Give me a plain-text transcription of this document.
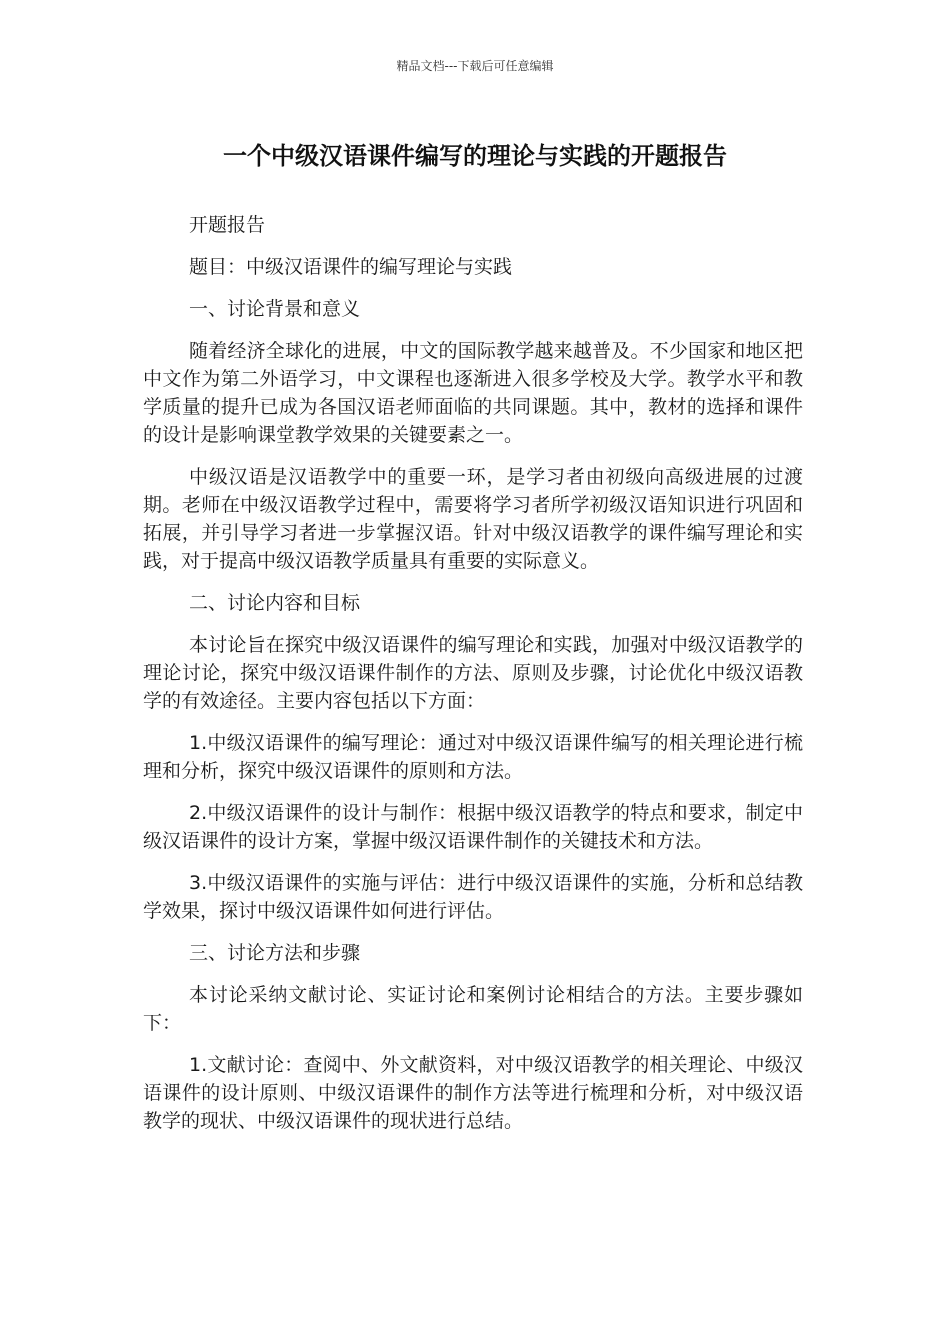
精品文档---下载后可任意编辑
一个中级汉语课件编写的理论与实践的开题报告

开题报告

题目：中级汉语课件的编写理论与实践

一、讨论背景和意义

随着经济全球化的进展，中文的国际教学越来越普及。不少国家和地区把中文作为第二外语学习，中文课程也逐渐进入很多学校及大学。教学水平和教学质量的提升已成为各国汉语老师面临的共同课题。其中，教材的选择和课件的设计是影响课堂教学效果的关键要素之一。

中级汉语是汉语教学中的重要一环，是学习者由初级向高级进展的过渡期。老师在中级汉语教学过程中，需要将学习者所学初级汉语知识进行巩固和拓展，并引导学习者进一步掌握汉语。针对中级汉语教学的课件编写理论和实践，对于提高中级汉语教学质量具有重要的实际意义。

二、讨论内容和目标

本讨论旨在探究中级汉语课件的编写理论和实践，加强对中级汉语教学的理论讨论，探究中级汉语课件制作的方法、原则及步骤，讨论优化中级汉语教学的有效途径。主要内容包括以下方面：

1.中级汉语课件的编写理论：通过对中级汉语课件编写的相关理论进行梳理和分析，探究中级汉语课件的原则和方法。

2.中级汉语课件的设计与制作：根据中级汉语教学的特点和要求，制定中级汉语课件的设计方案，掌握中级汉语课件制作的关键技术和方法。

3.中级汉语课件的实施与评估：进行中级汉语课件的实施，分析和总结教学效果，探讨中级汉语课件如何进行评估。

三、讨论方法和步骤

本讨论采纳文献讨论、实证讨论和案例讨论相结合的方法。主要步骤如下：

1.文献讨论：查阅中、外文献资料，对中级汉语教学的相关理论、中级汉语课件的设计原则、中级汉语课件的制作方法等进行梳理和分析，对中级汉语教学的现状、中级汉语课件的现状进行总结。
